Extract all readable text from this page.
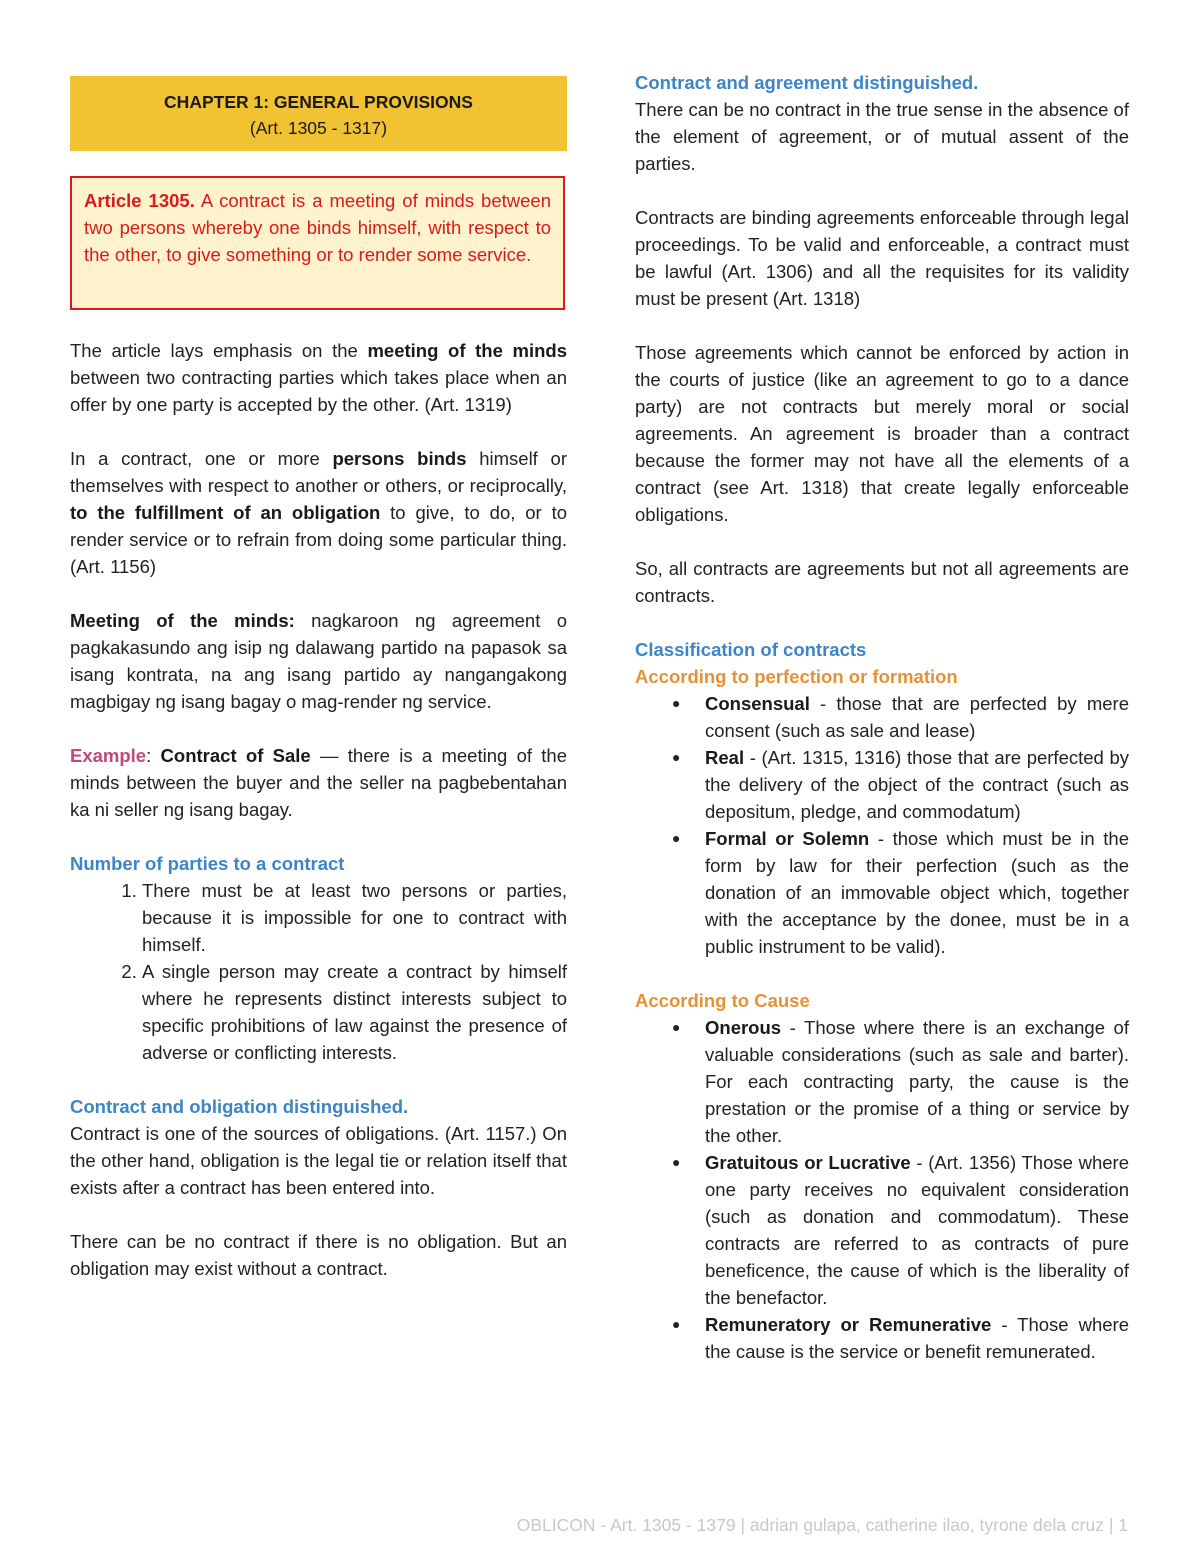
CHAPTER 1: GENERAL PROVISIONS
(Art. 1305 - 1317)
Article 1305. A contract is a meeting of minds between two persons whereby one binds himself, with respect to the other, to give something or to render some service.

The article lays emphasis on the meeting of the minds between two contracting parties which takes place when an offer by one party is accepted by the other. (Art. 1319)

In a contract, one or more persons binds himself or themselves with respect to another or others, or reciprocally, to the fulfillment of an obligation to give, to do, or to render service or to refrain from doing some particular thing. (Art. 1156)

Meeting of the minds: nagkaroon ng agreement o pagkakasundo ang isip ng dalawang partido na papasok sa isang kontrata, na ang isang partido ay nangangakong magbigay ng isang bagay o mag-render ng service.

Example: Contract of Sale — there is a meeting of the minds between the buyer and the seller na pagbebentahan ka ni seller ng isang bagay.

Number of parties to a contract

1. There must be at least two persons or parties, because it is impossible for one to contract with himself.
2. A single person may create a contract by himself where he represents distinct interests subject to specific prohibitions of law against the presence of adverse or conflicting interests.

Contract and obligation distinguished.

Contract is one of the sources of obligations. (Art. 1157.) On the other hand, obligation is the legal tie or relation itself that exists after a contract has been entered into.

There can be no contract if there is no obligation. But an obligation may exist without a contract.

Contract and agreement distinguished.

There can be no contract in the true sense in the absence of the element of agreement, or of mutual assent of the parties.

Contracts are binding agreements enforceable through legal proceedings. To be valid and enforceable, a contract must be lawful (Art. 1306) and all the requisites for its validity must be present (Art. 1318)

Those agreements which cannot be enforced by action in the courts of justice (like an agreement to go to a dance party) are not contracts but merely moral or social agreements. An agreement is broader than a contract because the former may not have all the elements of a contract (see Art. 1318) that create legally enforceable obligations.

So, all contracts are agreements but not all agreements are contracts.

Classification of contracts

According to perfection or formation

● Consensual - those that are perfected by mere consent (such as sale and lease)
● Real - (Art. 1315, 1316) those that are perfected by the delivery of the object of the contract (such as depositum, pledge, and commodatum)
● Formal or Solemn - those which must be in the form by law for their perfection (such as the donation of an immovable object which, together with the acceptance by the donee, must be in a public instrument to be valid).

According to Cause

● Onerous - Those where there is an exchange of valuable considerations (such as sale and barter). For each contracting party, the cause is the prestation or the promise of a thing or service by the other.
● Gratuitous or Lucrative - (Art. 1356) Those where one party receives no equivalent consideration (such as donation and commodatum). These contracts are referred to as contracts of pure beneficence, the cause of which is the liberality of the benefactor.
● Remuneratory or Remunerative - Those where the cause is the service or benefit remunerated.
OBLICON - Art. 1305 - 1379 | adrian gulapa, catherine ilao, tyrone dela cruz | 1
